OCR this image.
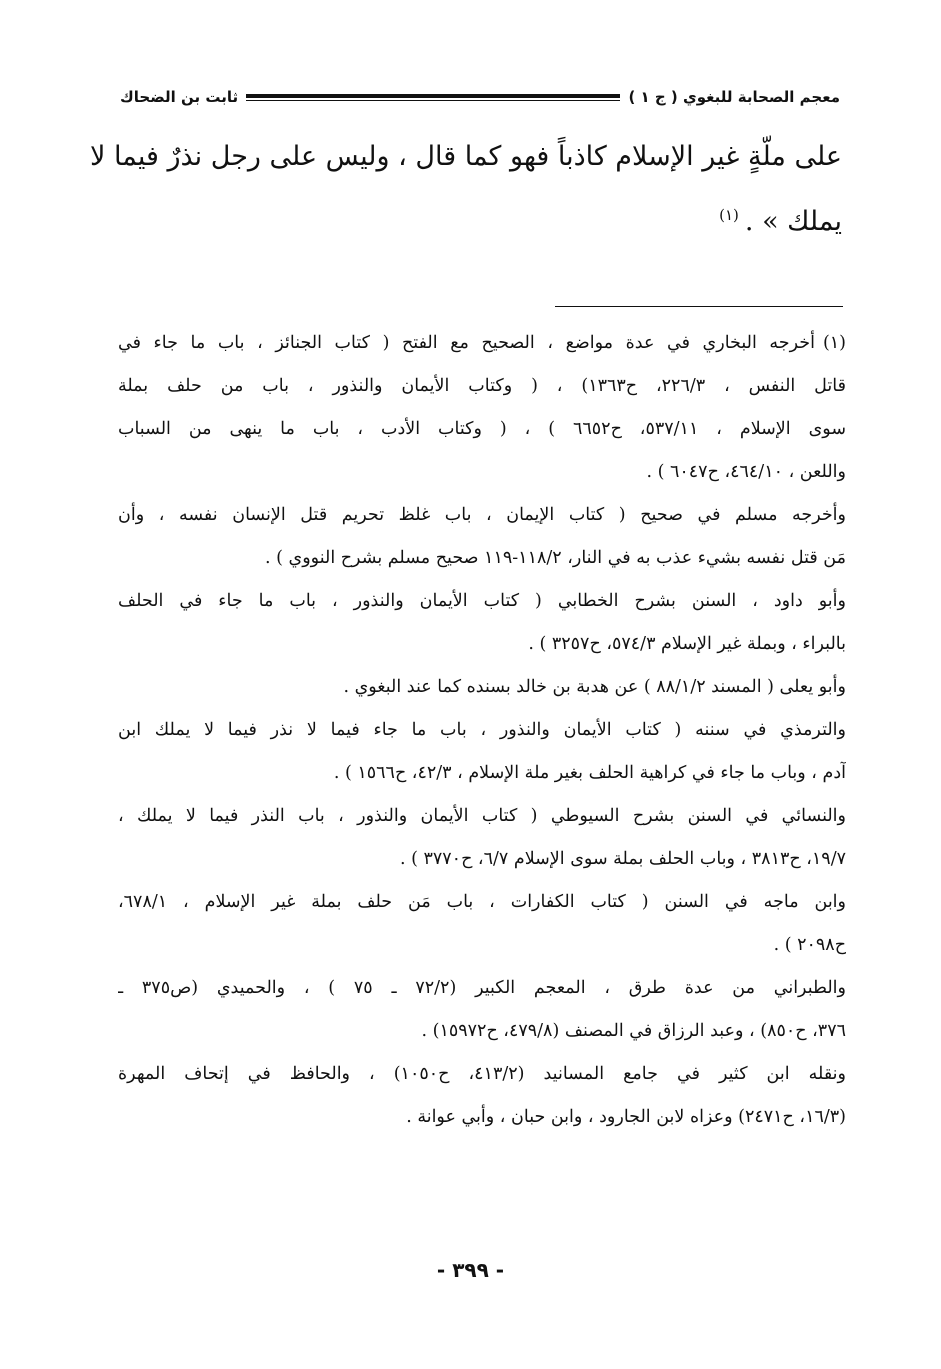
معجم الصحابة للبغوي ( ج ١ )
ثابت بن الضحاك
على ملّةٍ غير الإسلام كاذباً فهو كما قال ، وليس على رجل نذرٌ فيما لا
يملك » .$^{(١)}$
(١)أخرجه البخاري في عدة مواضع ، الصحيح مع الفتح ( كتاب الجنائز ، باب ما جاء في
قاتل النفس ، ٢٢٦/٣، ح١٣٦٣) ، ( وكتاب الأيمان والنذور ، باب من حلف بملة
سوى الإسلام ، ٥٣٧/١١، ح٦٦٥٢ ) ، ( وكتاب الأدب ، باب ما ينهى من السباب
واللعن ، ٤٦٤/١٠، ح٦٠٤٧ ) .
وأخرجه مسلم في صحيح ( كتاب الإيمان ، باب غلظ تحريم قتل الإنسان نفسه ، وأن
مَن قتل نفسه بشيء عذب به في النار، ١١٨/٢-١١٩ صحيح مسلم بشرح النووي ) .
وأبو داود ، السنن بشرح الخطابي ( كتاب الأيمان والنذور ، باب ما جاء في الحلف
بالبراء ، وبملة غير الإسلام ٥٧٤/٣، ح٣٢٥٧ ) .
وأبو يعلى ( المسند ٨٨/١/٢ ) عن هدبة بن خالد بسنده كما عند البغوي .
والترمذي في سننه ( كتاب الأيمان والنذور ، باب ما جاء فيما لا نذر فيما لا يملك ابن
آدم ، وباب ما جاء في كراهية الحلف بغير ملة الإسلام ، ٤٢/٣، ح١٥٦٦ ) .
والنسائي في السنن بشرح السيوطي ( كتاب الأيمان والنذور ، باب النذر فيما لا يملك ،
١٩/٧، ح٣٨١٣ ، وباب الحلف بملة سوى الإسلام ٦/٧، ح٣٧٧٠ ) .
وابن ماجه في السنن ( كتاب الكفارات ، باب مَن حلف بملة غير الإسلام ، ٦٧٨/١،
ح٢٠٩٨ ) .
والطبراني من عدة طرق ، المعجم الكبير (٧٢/٢ ـ ٧٥ ) ، والحميدي (ص٣٧٥ ـ
٣٧٦، ح٨٥٠) ، وعبد الرزاق في المصنف (٤٧٩/٨، ح١٥٩٧٢) .
ونقله ابن كثير في جامع المسانيد (٤١٣/٢، ح١٠٥٠) ، والحافظ في إتحاف المهرة
(١٦/٣، ح٢٤٧١) وعزاه لابن الجارود ، وابن حبان ، وأبي عوانة .
- ٣٩٩ -
